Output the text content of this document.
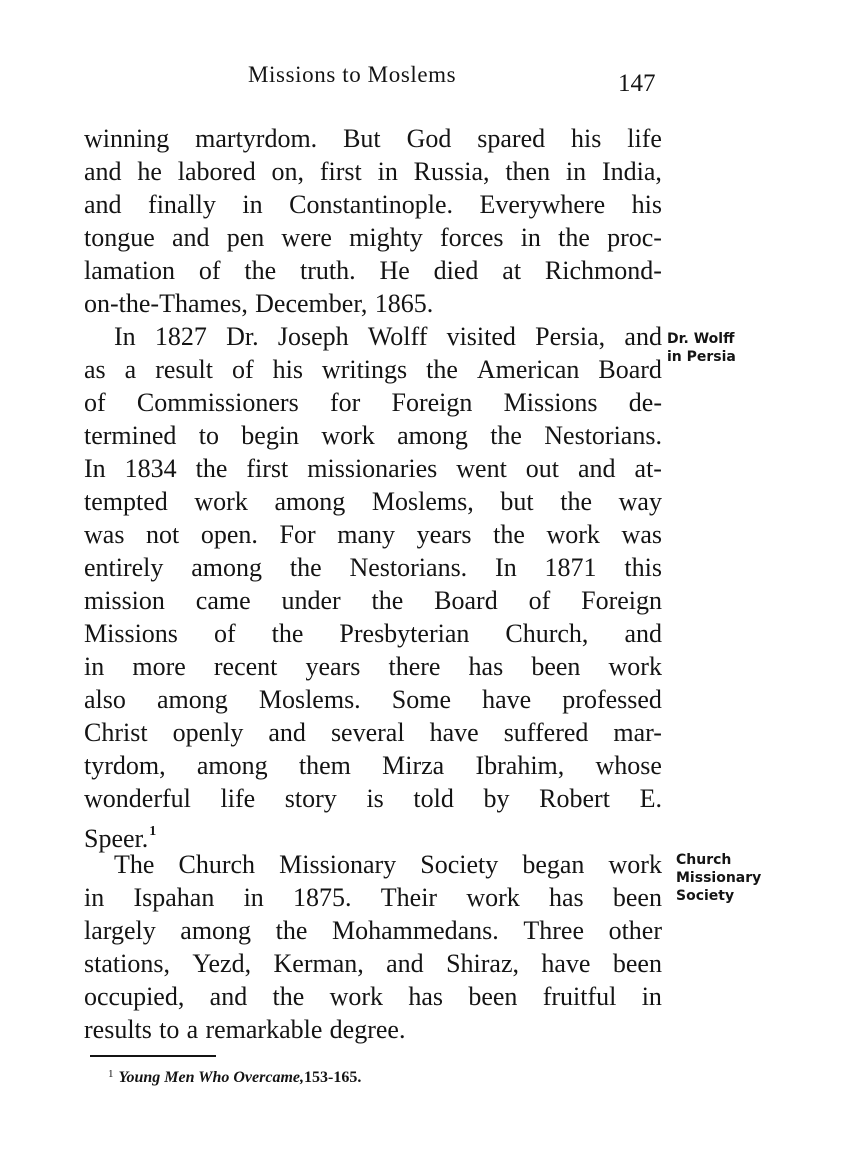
Missions to Moslems	147
winning martyrdom. But God spared his life
and he labored on, first in Russia, then in India,
and finally in Constantinople. Everywhere his
tongue and pen were mighty forces in the proc-
lamation of the truth. He died at Richmond-
on-the-Thames, December, 1865.
In 1827 Dr. Joseph Wolff visited Persia, and
as a result of his writings the American Board
of Commissioners for Foreign Missions de-
termined to begin work among the Nestorians.
In 1834 the first missionaries went out and at-
tempted work among Moslems, but the way
was not open. For many years the work was
entirely among the Nestorians. In 1871 this
mission came under the Board of Foreign
Missions of the Presbyterian Church, and
in more recent years there has been work
also among Moslems. Some have professed
Christ openly and several have suffered mar-
tyrdom, among them Mirza Ibrahim, whose
wonderful life story is told by Robert E.
Speer.$^1$
The Church Missionary Society began work
in Ispahan in 1875. Their work has been
largely among the Mohammedans. Three other
stations, Yezd, Kerman, and Shiraz, have been
occupied, and the work has been fruitful in
results to a remarkable degree.
Dr. Wolff
in Persia
Church
Missionary
Society
$^1$ Young Men Who Overcame,153-165.
